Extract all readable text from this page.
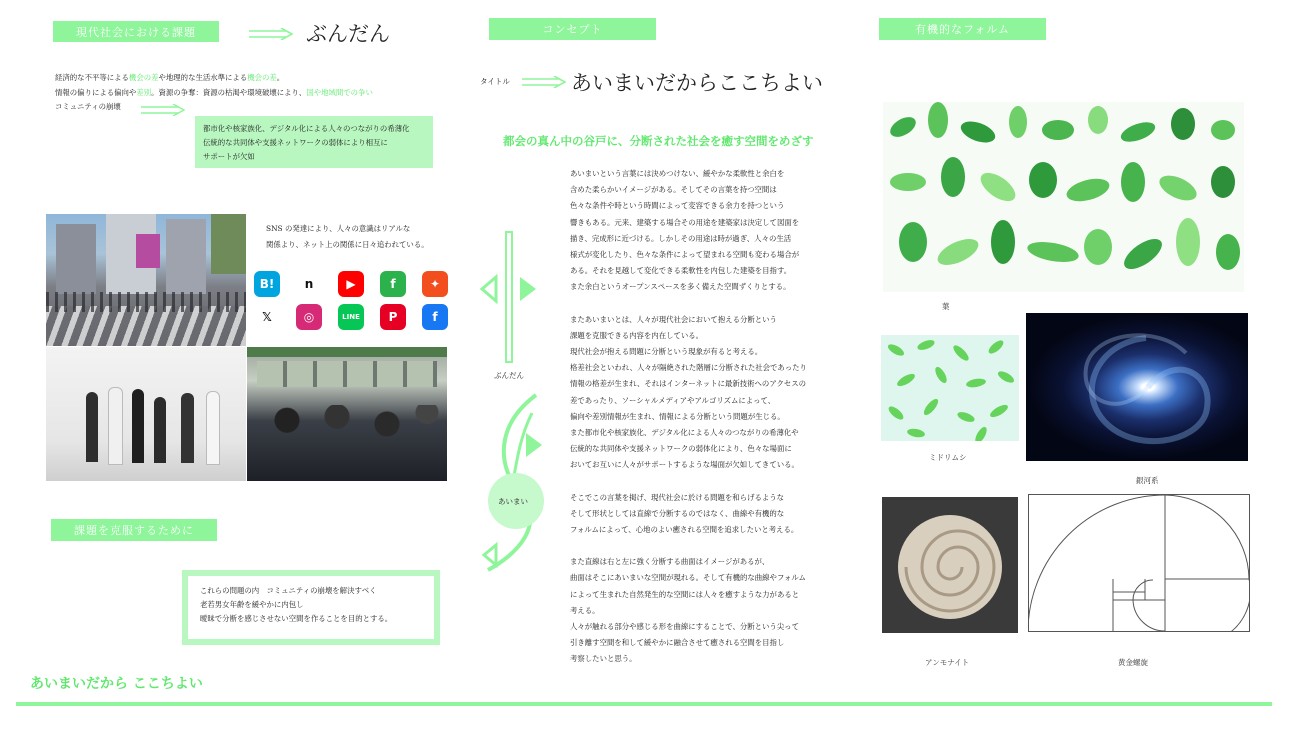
現代社会における課題	ぶんだん
経済的な不平等による機会の差や地理的な生活水準による機会の差。
情報の偏りによる偏向や差別。資源の争奪：資源の枯渇や環境破壊により、国や地域間での争い
コミュニティの崩壊
都市化や核家族化、デジタル化による人々のつながりの希薄化
伝統的な共同体や支援ネットワークの弱体により相互に
サポートが欠如
SNS の発達により、人々の意識はリアルな
関係より、ネット上の関係に日々追われている。
B!	n	▶	f	✦
𝕏	◎	LINE	P	f
課題を克服するために
これらの問題の内　コミュニティの崩壊を解決すべく
老若男女年齢を緩やかに内包し
曖昧で分断を感じさせない空間を作ることを目的とする。
あいまいだから ここちよい
コンセプト
タイトル	あいまいだからここちよい
都会の真ん中の谷戸に、分断された社会を癒す空間をめざす
ぶんだん
あいまい
あいまいという言葉には決めつけない、緩やかな柔軟性と余白を
含めた柔らかいイメージがある。そしてその言葉を持つ空間は
色々な条件や時という時間によって変容できる余力を持つという
響きもある。元来、建築する場合その用途を建築家は決定して図面を
描き、完成形に近づける。しかしその用途は時が過ぎ、人々の生活
様式が変化したり、色々な条件によって望まれる空間も変わる場合が
ある。それを見越して変化できる柔軟性を内包した建築を目指す。
また余白というオープンスペースを多く備えた空間ずくりとする。
またあいまいとは、人々が現代社会において抱える分断という
課題を克服できる内容を内在している。
現代社会が抱える問題に分断という現象が有ると考える。
格差社会といわれ、人々が隔絶された階層に分断された社会であったり
情報の格差が生まれ、それはインターネットに最新技術へのアクセスの
差であったり、ソーシャルメディアやアルゴリズムによって、
偏向や差別情報が生まれ、情報による分断という問題が生じる。
また都市化や核家族化、デジタル化による人々のつながりの希薄化や
伝統的な共同体や支援ネットワークの弱体化により、色々な場面に
おいてお互いに人々がサポートするような場面が欠如してきている。
そこでこの言葉を掲げ、現代社会に於ける問題を和らげるような
そして形状としては直線で分断するのではなく、曲線や有機的な
フォルムによって、心地のよい癒される空間を追求したいと考える。
また直線は右と左に強く分断する曲面はイメージがあるが、
曲面はそこにあいまいな空間が現れる。そして有機的な曲線やフォルム
によって生まれた自然発生的な空間には人々を癒すような力があると
考える。
人々が触れる部分や感じる形を曲線にすることで、分断という尖って
引き離す空間を和して緩やかに融合させて癒される空間を目指し
考察したいと思う。
有機的なフォルム
葉
ミドリムシ
銀河系
アンモナイト	黄金螺旋
